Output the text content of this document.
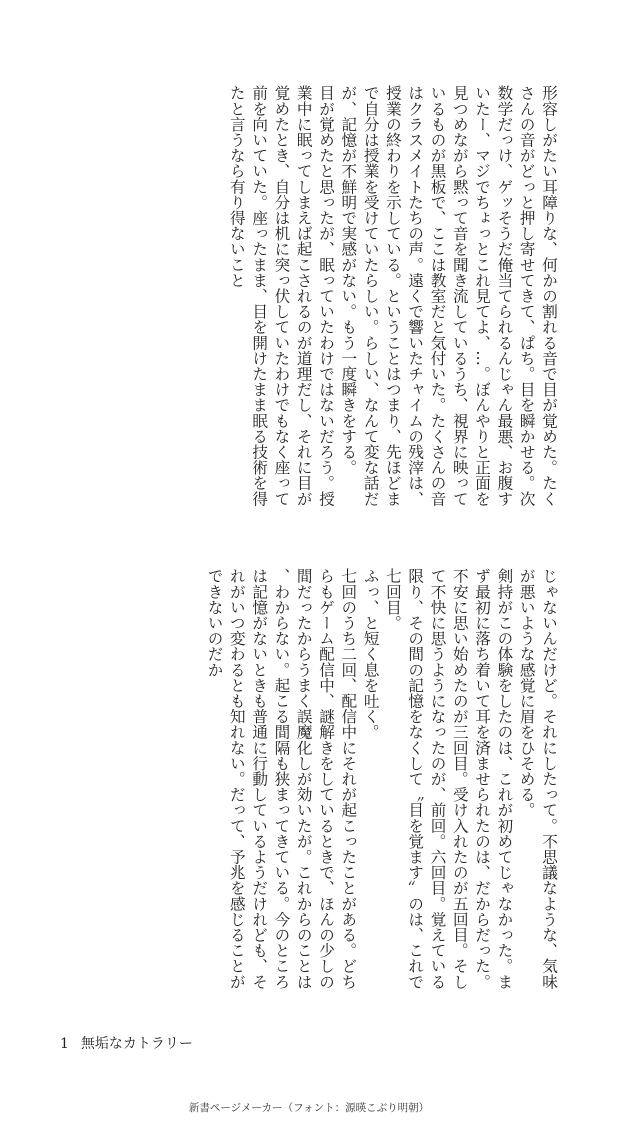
形容しがたい耳障りな、何かの割れる音で目が覚めた。たくさんの音がどっと押し寄せてきて、ぱち。目を瞬かせる。次数学だっけ、ゲッそうだ俺当てられるんじゃん最悪、お腹すいたー、マジでちょっとこれ見てよ、…。ぼんやりと正面を見つめながら黙って音を聞き流しているうち、視界に映っているものが黒板で、ここは教室だと気付いた。たくさんの音はクラスメイトたちの声。遠くで響いたチャイムの残滓は、授業の終わりを示している。ということはつまり、先ほどまで自分は授業を受けていたらしい。らしい、なんて変な話だが、記憶が不鮮明で実感がない。もう一度瞬きをする。

目が覚めたと思ったが、眠っていたわけではないだろう。授業中に眠ってしまえば起こされるのが道理だし、それに目が覚めたとき、自分は机に突っ伏していたわけでもなく座って前を向いていた。座ったまま、目を開けたまま眠る技術を得たと言うなら有り得ないこと

じゃないんだけど。それにしたって。不思議なような、気味が悪いような感覚に眉をひそめる。

剣持がこの体験をしたのは、これが初めてじゃなかった。まず最初に落ち着いて耳を済ませられたのは、だからだった。

不安に思い始めたのが三回目。受け入れたのが五回目。そして不快に思うようになったのが、前回。六回目。覚えている限り、その間の記憶をなくして〝目を覚ます〟のは、これで七回目。

ふっ、と短く息を吐く。

七回のうち二回、配信中にそれが起こったことがある。どちらもゲーム配信中、謎解きをしているときで、ほんの少しの間だったからうまく誤魔化しが効いたが。これからのことは、わからない。起こる間隔も狭まってきている。今のところは記憶がないときも普通に行動しているようだけれども、それがいつ変わるとも知れない。だって、予兆を感じることができないのだか

1 無垢なカトラリー
新書ページメーカー（フォント：源暎こぶり明朝）
